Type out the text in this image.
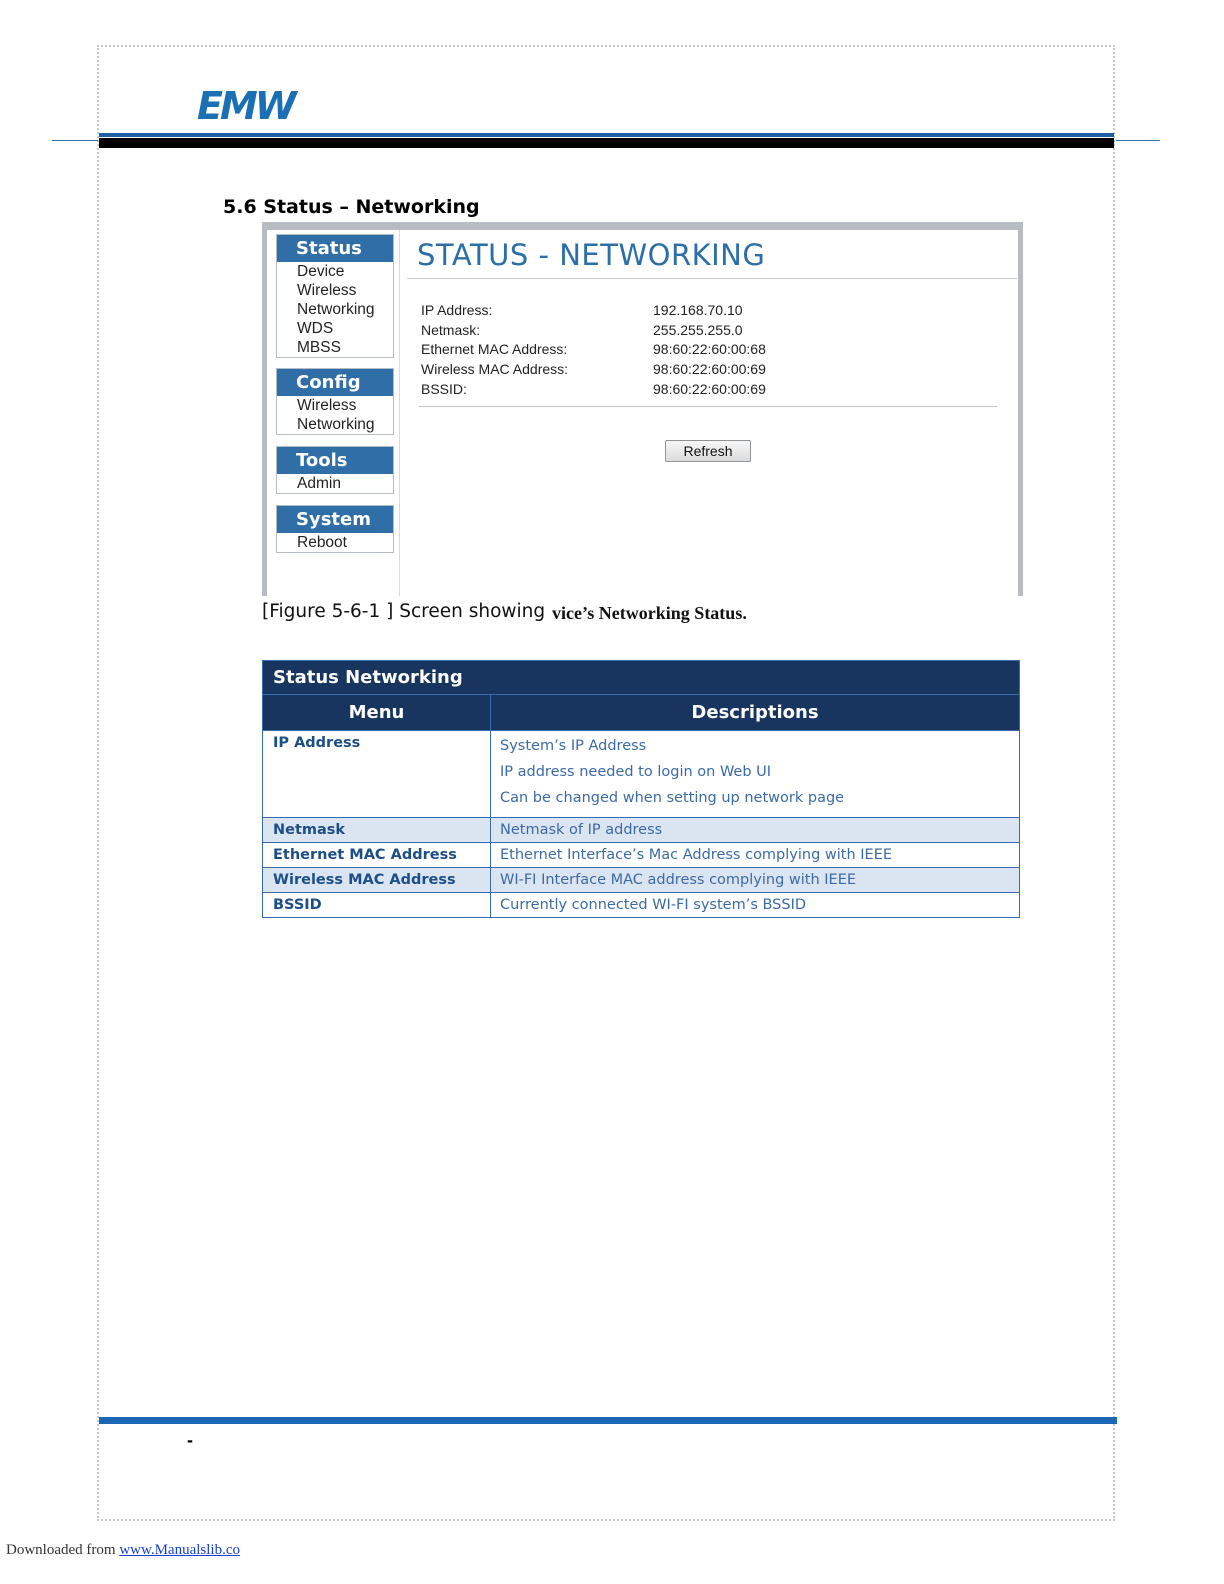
EMW
5.6 Status – Networking
Status
Device
Wireless
Networking
WDS
MBSS
Config
Wireless
Networking
Tools
Admin
System
Reboot
STATUS - NETWORKING
IP Address:	192.168.70.10
Netmask:	255.255.255.0
Ethernet MAC Address:	98:60:22:60:00:68
Wireless MAC Address:	98:60:22:60:00:69
BSSID:	98:60:22:60:00:69
Refresh
[Figure 5-6-1 ] Screen showing vice’s Networking Status.
Status Networking	
Menu	Descriptions
IP Address	System’s IP Address
IP address needed to login on Web UI
Can be changed when setting up network page

Netmask	Netmask of IP address
Ethernet MAC Address	Ethernet Interface’s Mac Address complying with IEEE
Wireless MAC Address	WI-FI Interface MAC address complying with IEEE
BSSID	Currently connected WI-FI system’s BSSID
-
Downloaded from www.Manualslib.co
